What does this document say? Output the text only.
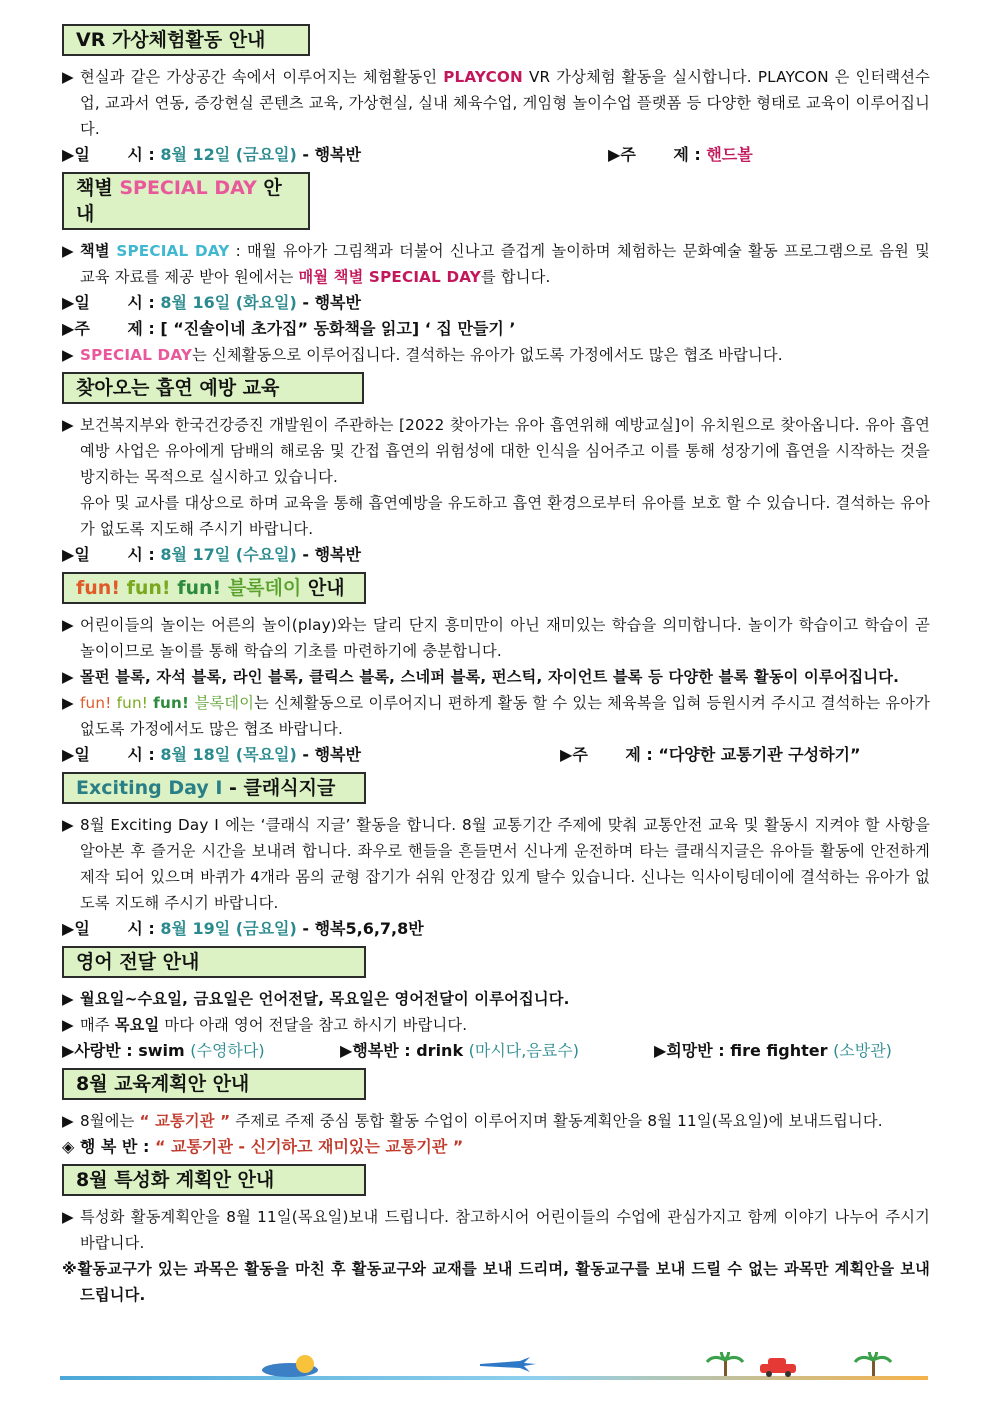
VR 가상체험활동 안내
▶ 현실과 같은 가상공간 속에서 이루어지는 체험활동인 PLAYCON VR 가상체험 활동을 실시합니다. PLAYCON 은 인터랙션수업, 교과서 연동, 증강현실 콘텐츠 교육, 가상현실, 실내 체육수업, 게임형 놀이수업 플랫폼 등 다양한 형태로 교육이 이루어집니다.
▶일　　 시 : 8월 12일 (금요일) - 행복반	▶주　　 제 : 핸드볼
책별 SPECIAL DAY 안내
▶ 책별 SPECIAL DAY : 매월 유아가 그림책과 더불어 신나고 즐겁게 놀이하며 체험하는 문화예술 활동 프로그램으로 음원 및 교육 자료를 제공 받아 원에서는 매월 책별 SPECIAL DAY를 합니다.
▶일　　 시 : 8월 16일 (화요일) - 행복반
▶주　　 제 : [ “진솔이네 초가집” 동화책을 읽고] ‘ 집 만들기 ’
▶ SPECIAL DAY는 신체활동으로 이루어집니다. 결석하는 유아가 없도록 가정에서도 많은 협조 바랍니다.
찾아오는 흡연 예방 교육
▶ 보건복지부와 한국건강증진 개발원이 주관하는 [2022 찾아가는 유아 흡연위해 예방교실]이 유치원으로 찾아옵니다. 유아 흡연 예방 사업은 유아에게 담배의 해로움 및 간접 흡연의 위험성에 대한 인식을 심어주고 이를 통해 성장기에 흡연을 시작하는 것을 방지하는 목적으로 실시하고 있습니다.
유아 및 교사를 대상으로 하며 교육을 통해 흡연예방을 유도하고 흡연 환경으로부터 유아를 보호 할 수 있습니다. 결석하는 유아가 없도록 지도해 주시기 바랍니다.
▶일　　 시 : 8월 17일 (수요일) - 행복반
fun! fun! fun! 블록데이 안내
▶ 어린이들의 놀이는 어른의 놀이(play)와는 달리 단지 흥미만이 아닌 재미있는 학습을 의미합니다. 놀이가 학습이고 학습이 곧 놀이이므로 놀이를 통해 학습의 기초를 마련하기에 충분합니다.
▶ 몰펀 블록, 자석 블록, 라인 블록, 클릭스 블록, 스네퍼 블록, 펀스틱, 자이언트 블록 등 다양한 블록 활동이 이루어집니다.
▶ fun! fun! fun! 블록데이는 신체활동으로 이루어지니 편하게 활동 할 수 있는 체육복을 입혀 등원시켜 주시고 결석하는 유아가 없도록 가정에서도 많은 협조 바랍니다.
▶일　　 시 : 8월 18일 (목요일) - 행복반	▶주　　 제 : “다양한 교통기관 구성하기”
Exciting Day Ⅰ - 클래식지글
▶ 8월 Exciting Day Ⅰ 에는 ‘클래식 지글’ 활동을 합니다. 8월 교통기간 주제에 맞춰 교통안전 교육 및 활동시 지켜야 할 사항을 알아본 후 즐거운 시간을 보내려 합니다. 좌우로 핸들을 흔들면서 신나게 운전하며 타는 클래식지글은 유아들 활동에 안전하게 제작 되어 있으며 바퀴가 4개라 몸의 균형 잡기가 쉬워 안정감 있게 탈수 있습니다. 신나는 익사이팅데이에 결석하는 유아가 없도록 지도해 주시기 바랍니다.
▶일　　 시 : 8월 19일 (금요일) - 행복5,6,7,8반
영어 전달 안내
▶ 월요일~수요일, 금요일은 언어전달, 목요일은 영어전달이 이루어집니다.
▶ 매주 목요일 마다 아래 영어 전달을 참고 하시기 바랍니다.
▶사랑반 : swim (수영하다)	▶행복반 : drink (마시다,음료수)	▶희망반 : fire fighter (소방관)
8월 교육계획안 안내
▶ 8월에는 “ 교통기관 ” 주제로 주제 중심 통합 활동 수업이 이루어지며 활동계획안을 8월 11일(목요일)에 보내드립니다.
◈ 행 복 반 : “ 교통기관 - 신기하고 재미있는 교통기관 ”
8월 특성화 계획안 안내
▶ 특성화 활동계획안을 8월 11일(목요일)보내 드립니다. 참고하시어 어린이들의 수업에 관심가지고 함께 이야기 나누어 주시기 바랍니다.
※활동교구가 있는 과목은 활동을 마친 후 활동교구와 교재를 보내 드리며, 활동교구를 보내 드릴 수 없는 과목만 계획안을 보내 드립니다.
